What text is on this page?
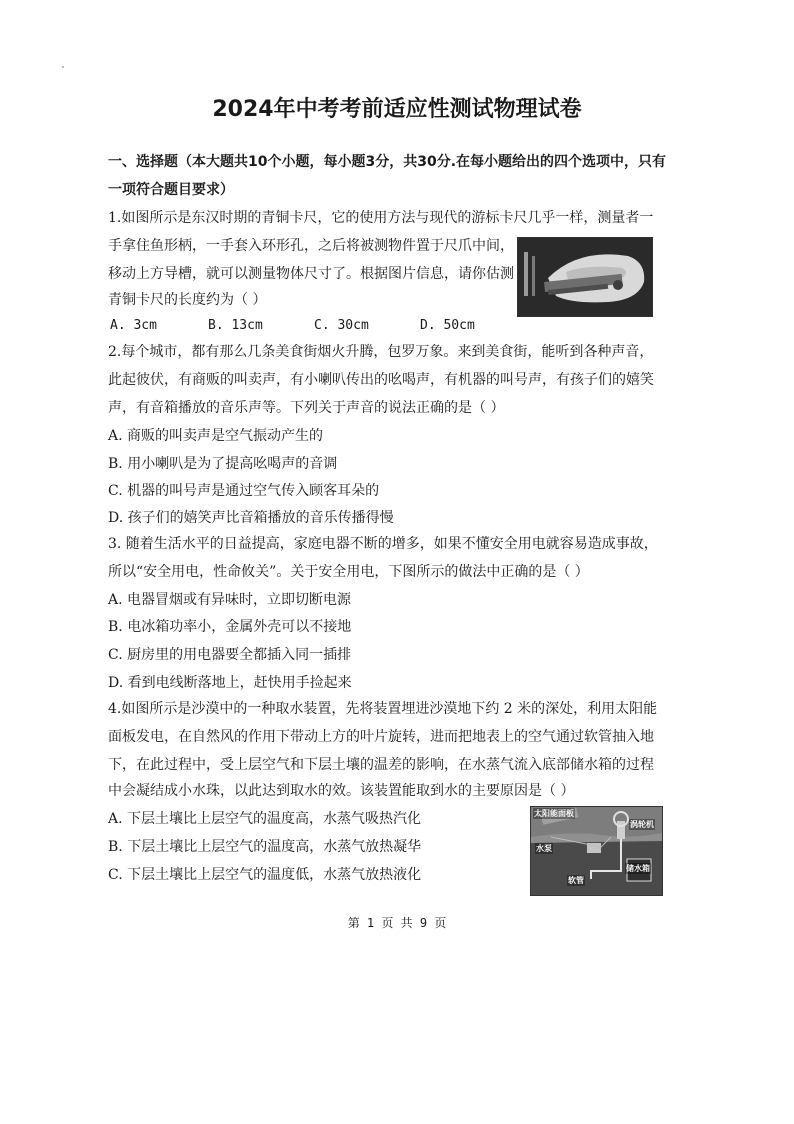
2024年中考考前适应性测试物理试卷
一、选择题（本大题共10个小题，每小题3分，共30分.在每小题给出的四个选项中，只有
一项符合题目要求）
1.如图所示是东汉时期的青铜卡尺，它的使用方法与现代的游标卡尺几乎一样，测量者一
手拿住鱼形柄，一手套入环形孔，之后将被测物件置于尺爪中间，
移动上方导槽，就可以测量物体尺寸了。根据图片信息，请你估测
青铜卡尺的长度约为（ ）
A. 3cm	B. 13cm	C. 30cm	D. 50cm
2.每个城市，都有那么几条美食街烟火升腾，包罗万象。来到美食街，能听到各种声音，
此起彼伏，有商贩的叫卖声，有小喇叭传出的吆喝声，有机器的叫号声，有孩子们的嬉笑
声，有音箱播放的音乐声等。下列关于声音的说法正确的是（ ）
A. 商贩的叫卖声是空气振动产生的
B. 用小喇叭是为了提高吆喝声的音调
C. 机器的叫号声是通过空气传入顾客耳朵的
D. 孩子们的嬉笑声比音箱播放的音乐传播得慢
3. 随着生活水平的日益提高，家庭电器不断的增多，如果不懂安全用电就容易造成事故，
所以“安全用电，性命攸关”。关于安全用电，下图所示的做法中正确的是（ ）
A. 电器冒烟或有异味时，立即切断电源
B. 电冰箱功率小，金属外壳可以不接地
C. 厨房里的用电器要全都插入同一插排
D. 看到电线断落地上，赶快用手捡起来
4.如图所示是沙漠中的一种取水装置，先将装置埋进沙漠地下约 2 米的深处，利用太阳能
面板发电，在自然风的作用下带动上方的叶片旋转，进而把地表上的空气通过软管抽入地
下，在此过程中，受上层空气和下层土壤的温差的影响，在水蒸气流入底部储水箱的过程
中会凝结成小水珠，以此达到取水的效。该装置能取到水的主要原因是（ ）
A. 下层土壤比上层空气的温度高，水蒸气吸热汽化
B. 下层土壤比上层空气的温度高，水蒸气放热凝华
C. 下层土壤比上层空气的温度低，水蒸气放热液化
太阳能面板
涡轮机
水泵
储水箱
软管
第 1 页 共 9 页
